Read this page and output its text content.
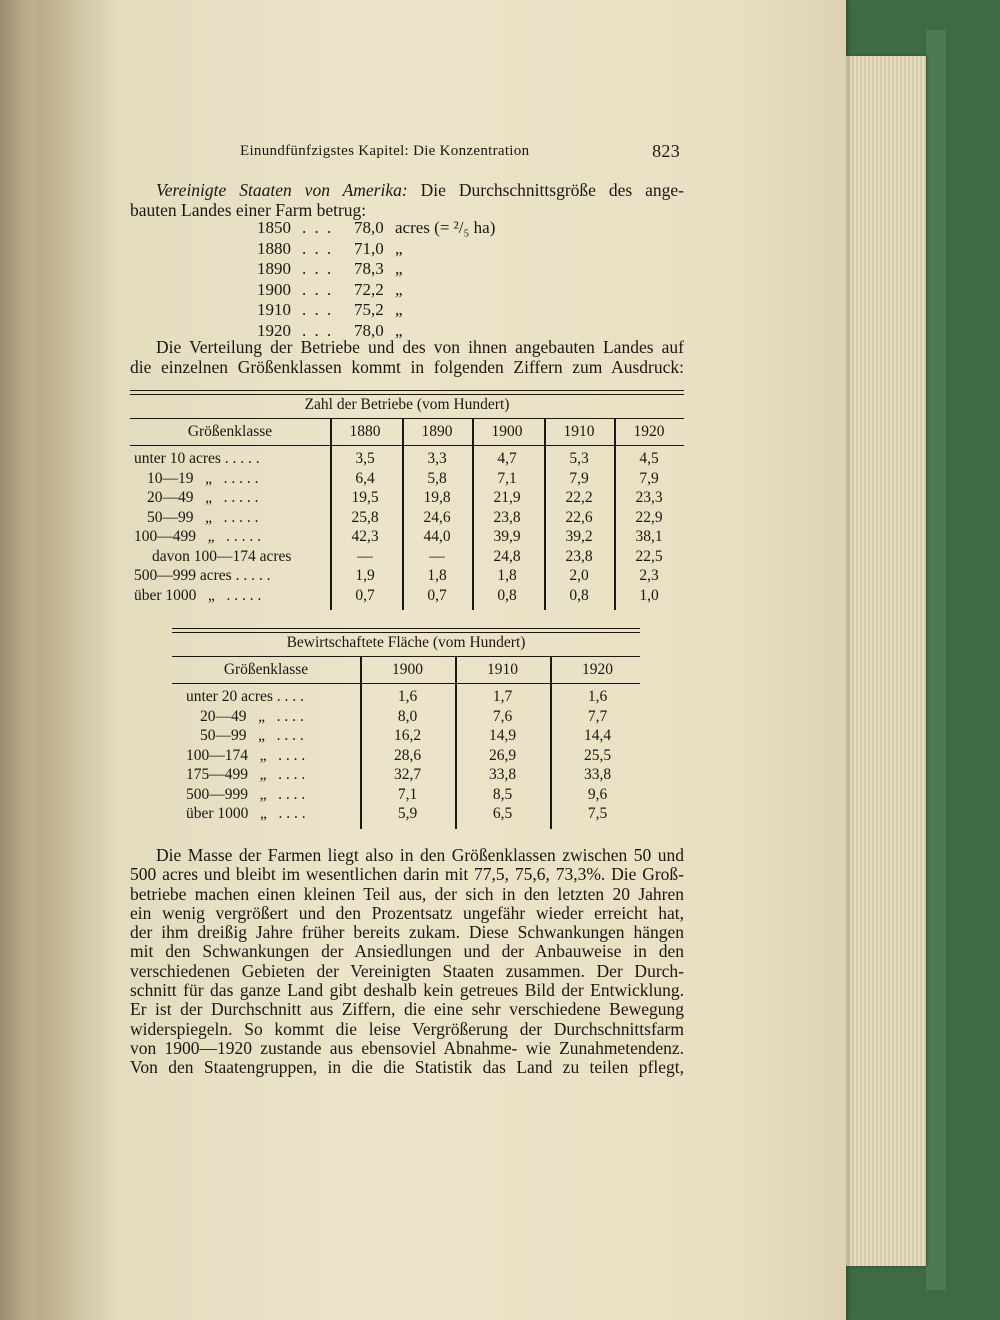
Einundfünfzigstes Kapitel: Die Konzentration	823
Vereinigte Staaten von Amerika: Die Durchschnittsgröße des ange-
bauten Landes einer Farm betrug:
1850 . . . 78,0 acres (= ²/₅ ha)
1880 . . . 71,0 „
1890 . . . 78,3 „
1900 . . . 72,2 „
1910 . . . 75,2 „
1920 . . . 78,0 „
Die Verteilung der Betriebe und des von ihnen angebauten Landes auf
die einzelnen Größenklassen kommt in folgenden Ziffern zum Ausdruck:
Zahl der Betriebe (vom Hundert)
Größenklasse	1880	1890	1900	1910	1920
unter 10 acres . . . . .	3,5	3,3	4,7	5,3	4,5
10—19   „   . . . . .	6,4	5,8	7,1	7,9	7,9
20—49   „   . . . . .	19,5	19,8	21,9	22,2	23,3
50—99   „   . . . . .	25,8	24,6	23,8	22,6	22,9
100—499   „   . . . . .	42,3	44,0	39,9	39,2	38,1
davon 100—174 acres	—	—	24,8	23,8	22,5
500—999 acres . . . . .	1,9	1,8	1,8	2,0	2,3
über 1000   „   . . . . .	0,7	0,7	0,8	0,8	1,0
Bewirtschaftete Fläche (vom Hundert)
Größenklasse	1900	1910	1920
unter 20 acres . . . .	1,6	1,7	1,6
20—49   „   . . . .	8,0	7,6	7,7
50—99   „   . . . .	16,2	14,9	14,4
100—174   „   . . . .	28,6	26,9	25,5
175—499   „   . . . .	32,7	33,8	33,8
500—999   „   . . . .	7,1	8,5	9,6
über 1000   „   . . . .	5,9	6,5	7,5
Die Masse der Farmen liegt also in den Größenklassen zwischen 50 und
500 acres und bleibt im wesentlichen darin mit 77,5, 75,6, 73,3%. Die Groß-
betriebe machen einen kleinen Teil aus, der sich in den letzten 20 Jahren
ein wenig vergrößert und den Prozentsatz ungefähr wieder erreicht hat,
der ihm dreißig Jahre früher bereits zukam. Diese Schwankungen hängen
mit den Schwankungen der Ansiedlungen und der Anbauweise in den
verschiedenen Gebieten der Vereinigten Staaten zusammen. Der Durch-
schnitt für das ganze Land gibt deshalb kein getreues Bild der Entwicklung.
Er ist der Durchschnitt aus Ziffern, die eine sehr verschiedene Bewegung
widerspiegeln. So kommt die leise Vergrößerung der Durchschnittsfarm
von 1900—1920 zustande aus ebensoviel Abnahme- wie Zunahmetendenz.
Von den Staatengruppen, in die die Statistik das Land zu teilen pflegt,
